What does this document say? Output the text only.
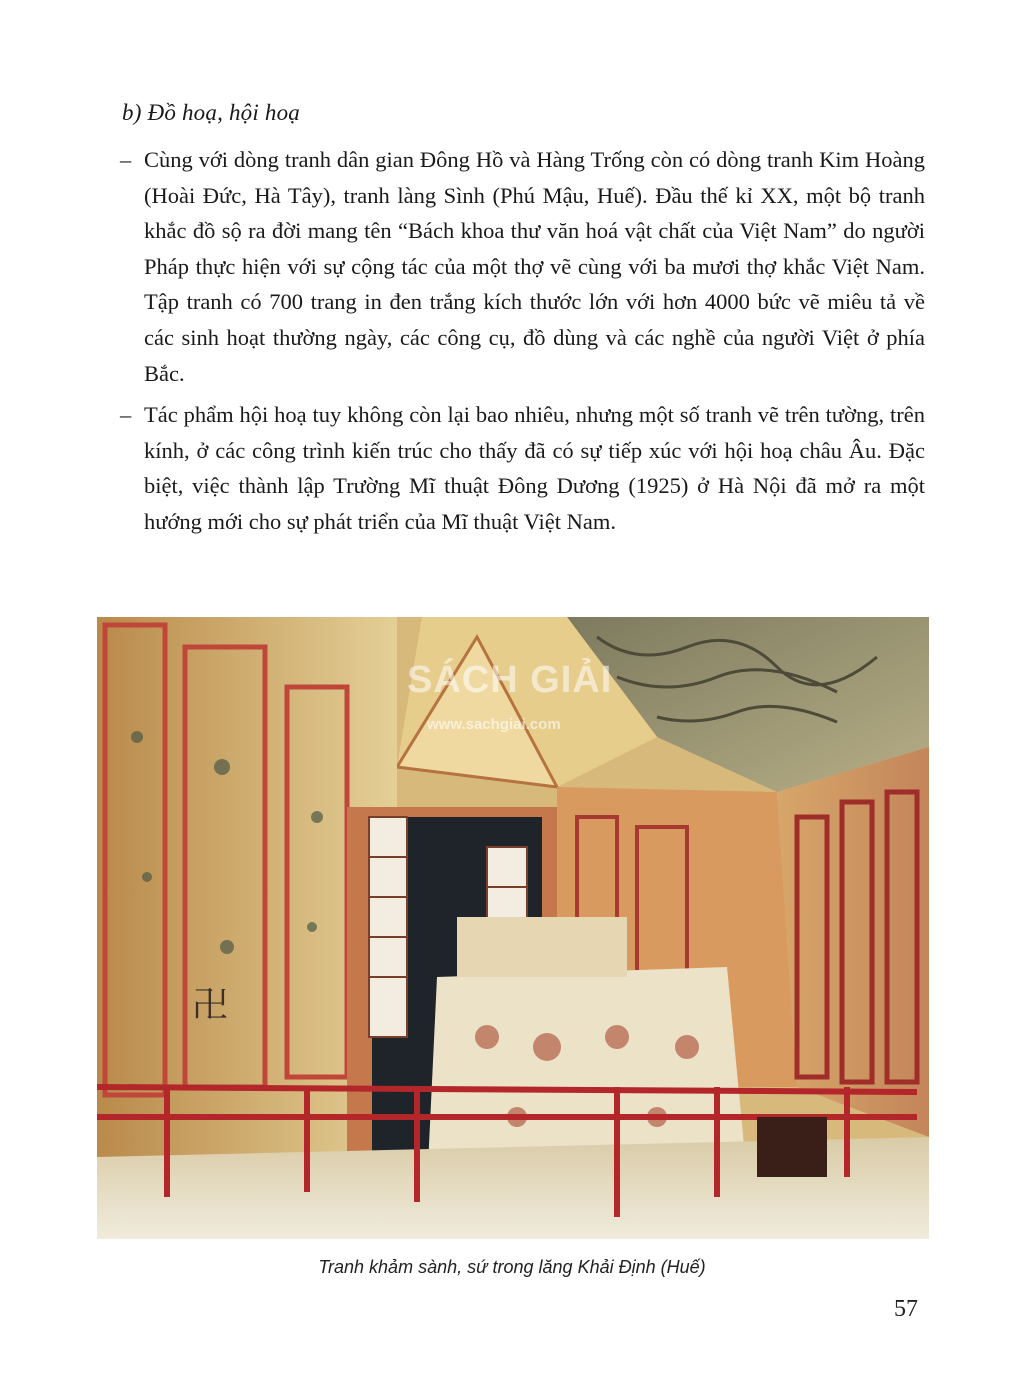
b) Đồ hoạ, hội hoạ
– Cùng với dòng tranh dân gian Đông Hồ và Hàng Trống còn có dòng tranh Kim Hoàng (Hoài Đức, Hà Tây), tranh làng Sình (Phú Mậu, Huế). Đầu thế kỉ XX, một bộ tranh khắc đồ sộ ra đời mang tên “Bách khoa thư văn hoá vật chất của Việt Nam” do người Pháp thực hiện với sự cộng tác của một thợ vẽ cùng với ba mươi thợ khắc Việt Nam. Tập tranh có 700 trang in đen trắng kích thước lớn với hơn 4000 bức vẽ miêu tả về các sinh hoạt thường ngày, các công cụ, đồ dùng và các nghề của người Việt ở phía Bắc.
– Tác phẩm hội hoạ tuy không còn lại bao nhiêu, nhưng một số tranh vẽ trên tường, trên kính, ở các công trình kiến trúc cho thấy đã có sự tiếp xúc với hội hoạ châu Âu. Đặc biệt, việc thành lập Trường Mĩ thuật Đông Dương (1925) ở Hà Nội đã mở ra một hướng mới cho sự phát triển của Mĩ thuật Việt Nam.
卍
SÁCH GIẢI
www.sachgiai.com
Tranh khảm sành, sứ trong lăng Khải Định (Huế)
57
